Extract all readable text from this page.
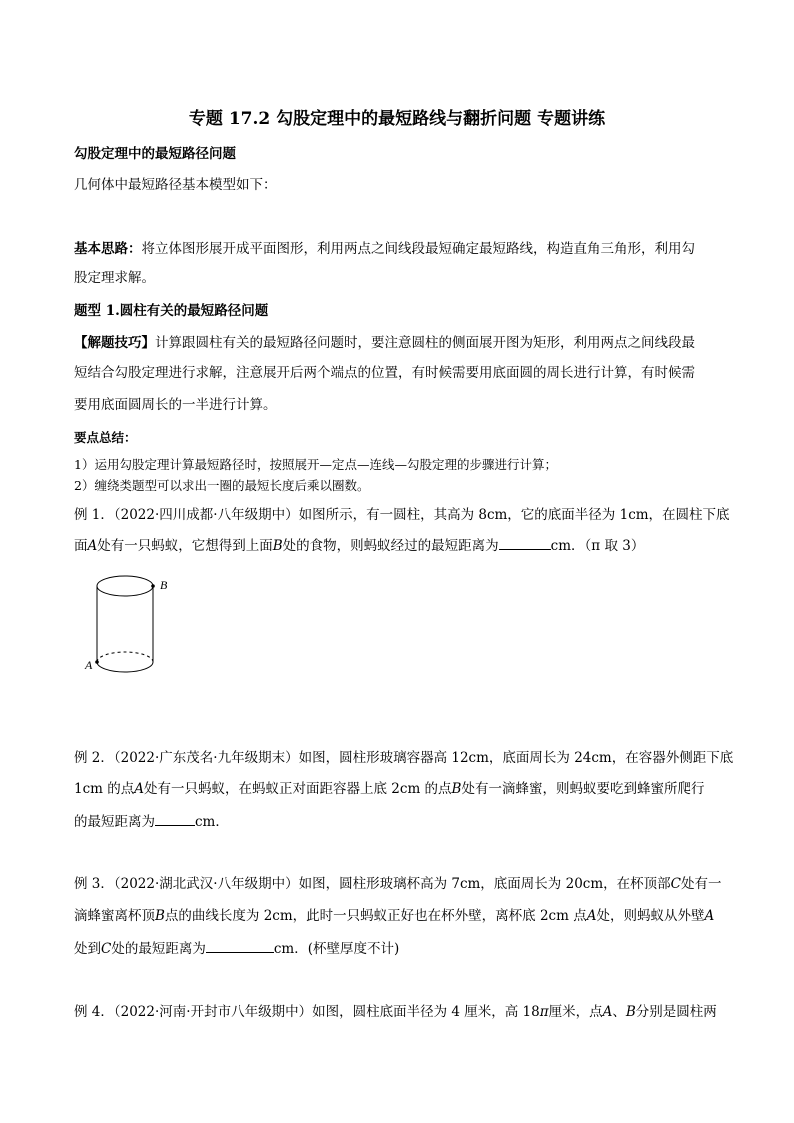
专题 17.2 勾股定理中的最短路线与翻折问题 专题讲练
勾股定理中的最短路径问题
几何体中最短路径基本模型如下：
基本思路：将立体图形展开成平面图形，利用两点之间线段最短确定最短路线，构造直角三角形，利用勾
股定理求解。
题型 1.圆柱有关的最短路径问题
【解题技巧】计算跟圆柱有关的最短路径问题时，要注意圆柱的侧面展开图为矩形，利用两点之间线段最
短结合勾股定理进行求解，注意展开后两个端点的位置，有时候需要用底面圆的周长进行计算，有时候需
要用底面圆周长的一半进行计算。
要点总结：
1）运用勾股定理计算最短路径时，按照展开—定点—连线—勾股定理的步骤进行计算；
2）缠绕类题型可以求出一圈的最短长度后乘以圈数。
例 1．（2022·四川成都·八年级期中）如图所示，有一圆柱，其高为 8cm，它的底面半径为 1cm，在圆柱下底
面A处有一只蚂蚁，它想得到上面B处的食物，则蚂蚁经过的最短距离为	cm．（π 取 3）
B
A
例 2．（2022·广东茂名·九年级期末）如图，圆柱形玻璃容器高 12cm，底面周长为 24cm，在容器外侧距下底
1cm 的点A处有一只蚂蚁，在蚂蚁正对面距容器上底 2cm 的点B处有一滴蜂蜜，则蚂蚁要吃到蜂蜜所爬行
的最短距离为	cm．
例 3．（2022·湖北武汉·八年级期中）如图，圆柱形玻璃杯高为 7cm，底面周长为 20cm，在杯顶部C处有一
滴蜂蜜离杯顶B点的曲线长度为 2cm，此时一只蚂蚁正好也在杯外壁，离杯底 2cm 点A处，则蚂蚁从外壁A
处到C处的最短距离为	cm．(杯壁厚度不计)
例 4．（2022·河南·开封市八年级期中）如图，圆柱底面半径为 4 厘米，高 18π厘米，点A、B分别是圆柱两
